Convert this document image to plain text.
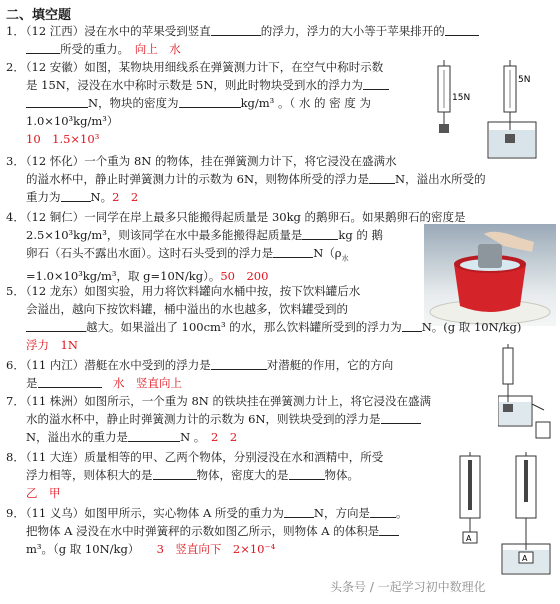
二、填空题
1．（12 江西）浸在水中的苹果受到竖直	的浮力，浮力的大小等于苹果排开的
所受的重力。　 向上　水
2．（12 安徽）如图，某物块用细线系在弹簧测力计下，在空气中称时示数
是 15N，浸没在水中称时示数是 5N，则此时物块受到水的浮力为
N，物块的密度为	kg/m³ 。（ 水 的 密 度 为
1.0×10³kg/m³）
10　1.5×10³
15N
5N
3．（12 怀化）一个重为 8N 的物体，挂在弹簧测力计下，将它浸没在盛满水
的溢水杯中，静止时弹簧测力计的示数为 6N，则物体所受的浮力是 N，溢出水所受的
重力为	N。2　2
4．（12 铜仁）一同学在岸上最多只能搬得起质量是 30kg 的鹅卵石。如果鹅卵石的密度是
2.5×10³kg/m³，则该同学在水中最多能搬得起质量是	kg 的 鹅
卵石（石头不露出水面）。这时石头受到的浮力是	$N(\rho_水$
=1.0×10³kg/m³，取 g=10N/kg）。50　200
5．（12 龙东）如图实验，用力将饮料罐向水桶中按，按下饮料罐后水
会溢出，越向下按饮料罐，桶中溢出的水也越多，饮料罐受到的
越大。如果溢出了 100cm³ 的水，那么饮料罐所受到的浮力为 N。(g 取 10N/kg)
浮力　1N
6．（11 内江）潜艇在水中受到的浮力是	对潜艇的作用，它的方向
是　	水　竖直向上
7．（11 株洲）如图所示，一个重为 8N 的铁块挂在弹簧测力计上，将它浸没在盛满
水的溢水杯中，静止时弹簧测力计的示数为 6N，则铁块受到的浮力是
N，溢出水的重力是	N 。　 2　2
8．（11 大连）质量相等的甲、乙两个物体，分别浸没在水和酒精中，所受
浮力相等，则体积大的是	物体，密度大的是	物体。
乙　甲
A
A
9．（11 义乌）如图甲所示，实心物体 A 所受的重力为	N，方向是 。
把物体 A 浸没在水中时弹簧秤的示数如图乙所示，则物体 A 的体积是
m³。（g 取 10N/kg）　　 3　竖直向下　2×10⁻⁴
头条号 / 一起学习初中数理化
